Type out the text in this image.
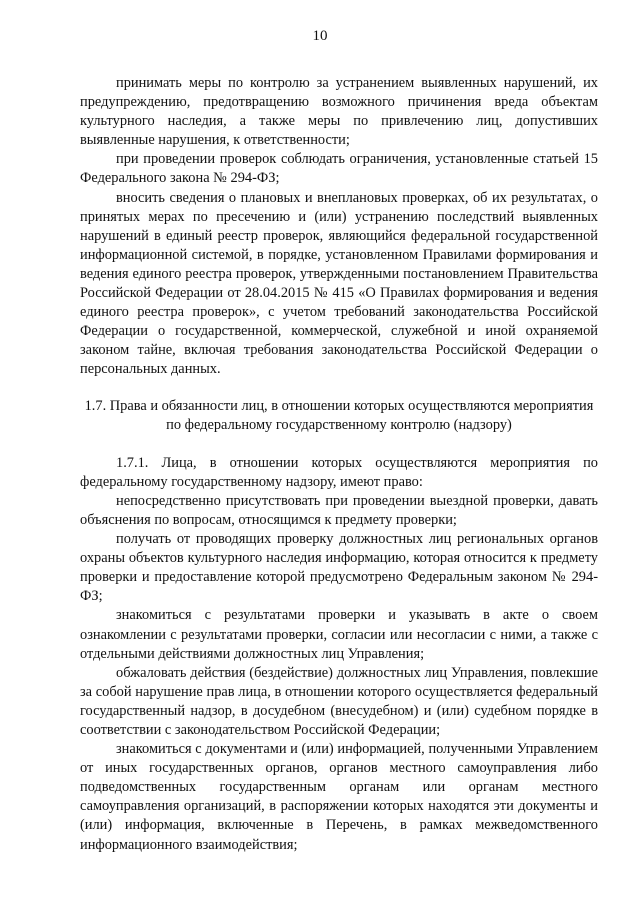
10

принимать меры по контролю за устранением выявленных нарушений, их предупреждению, предотвращению возможного причинения вреда объектам культурного наследия, а также меры по привлечению лиц, допустивших выявленные нарушения, к ответственности;

при проведении проверок соблюдать ограничения, установленные статьей 15 Федерального закона № 294-ФЗ;

вносить сведения о плановых и внеплановых проверках, об их результатах, о принятых мерах по пресечению и (или) устранению последствий выявленных нарушений в единый реестр проверок, являющийся федеральной государственной информационной системой, в порядке, установленном Правилами формирования и ведения единого реестра проверок, утвержденными постановлением Правительства Российской Федерации от 28.04.2015 № 415 «О Правилах формирования и ведения единого реестра проверок», с учетом требований законодательства Российской Федерации о государственной, коммерческой, служебной и иной охраняемой законом тайне, включая требования законодательства Российской Федерации о персональных данных.

1.7. Права и обязанности лиц, в отношении которых осуществляются мероприятия по федеральному государственному контролю (надзору)

1.7.1. Лица, в отношении которых осуществляются мероприятия по федеральному государственному надзору, имеют право:

непосредственно присутствовать при проведении выездной проверки, давать объяснения по вопросам, относящимся к предмету проверки;

получать от проводящих проверку должностных лиц региональных органов охраны объектов культурного наследия информацию, которая относится к предмету проверки и предоставление которой предусмотрено Федеральным законом № 294-ФЗ;

знакомиться с результатами проверки и указывать в акте о своем ознакомлении с результатами проверки, согласии или несогласии с ними, а также с отдельными действиями должностных лиц Управления;

обжаловать действия (бездействие) должностных лиц Управления, повлекшие за собой нарушение прав лица, в отношении которого осуществляется федеральный государственный надзор, в досудебном (внесудебном) и (или) судебном порядке в соответствии с законодательством Российской Федерации;

знакомиться с документами и (или) информацией, полученными Управлением от иных государственных органов, органов местного самоуправления либо подведомственных государственным органам или органам местного самоуправления организаций, в распоряжении которых находятся эти документы и (или) информация, включенные в Перечень, в рамках межведомственного информационного взаимодействия;
